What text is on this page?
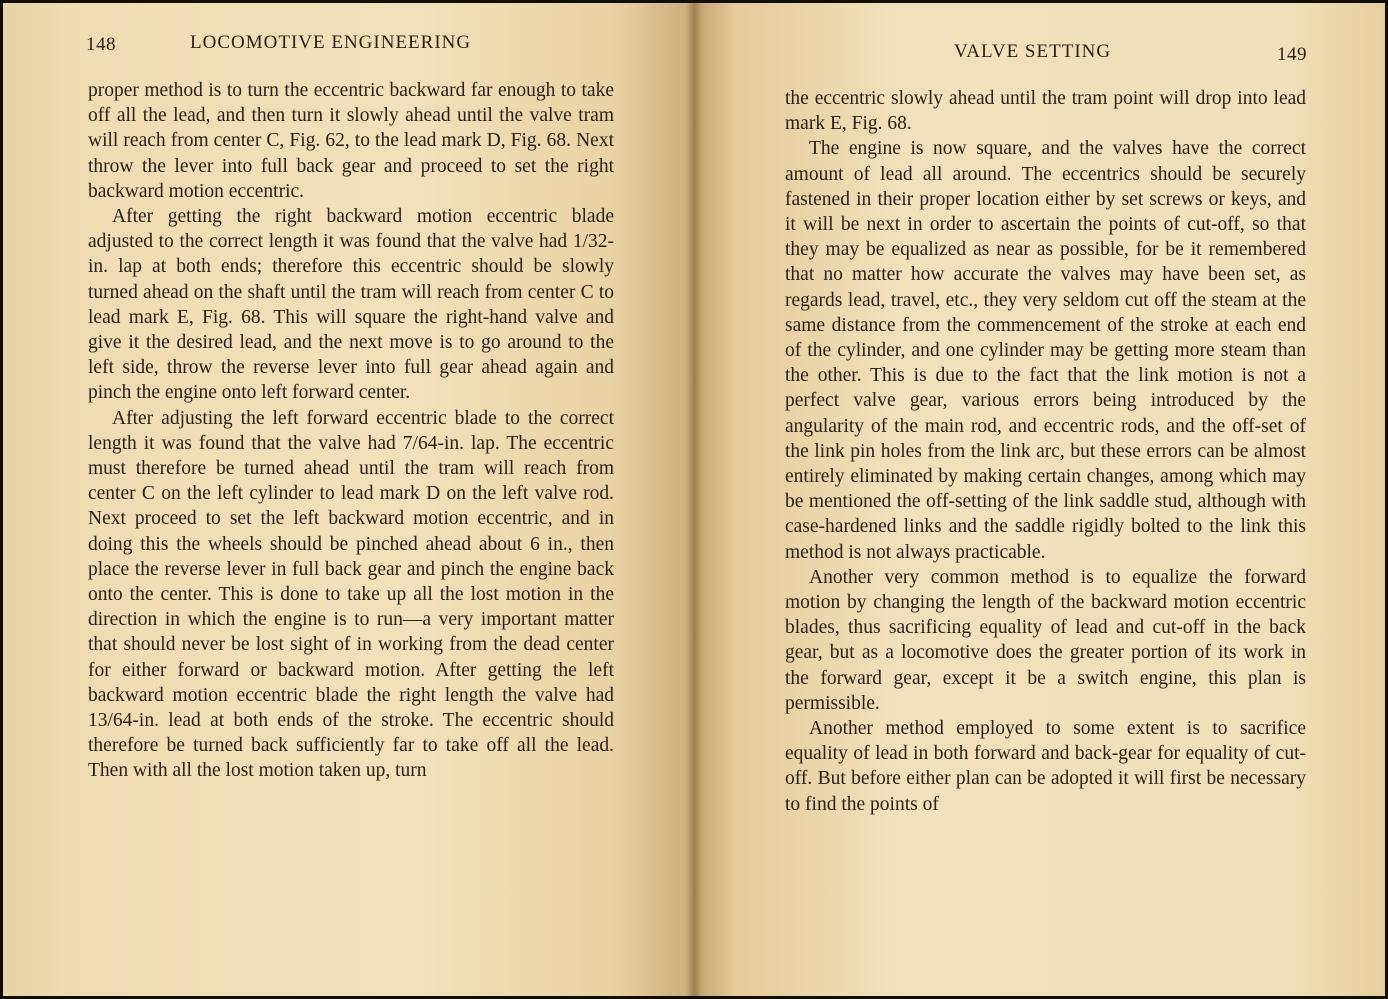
148	LOCOMOTIVE ENGINEERING

proper method is to turn the eccentric backward far enough to take off all the lead, and then turn it slowly ahead until the valve tram will reach from center C, Fig. 62, to the lead mark D, Fig. 68. Next throw the lever into full back gear and proceed to set the right backward motion eccentric.

After getting the right backward motion eccentric blade adjusted to the correct length it was found that the valve had 1/32-in. lap at both ends; therefore this eccentric should be slowly turned ahead on the shaft until the tram will reach from center C to lead mark E, Fig. 68. This will square the right-hand valve and give it the desired lead, and the next move is to go around to the left side, throw the reverse lever into full gear ahead again and pinch the engine onto left forward center.

After adjusting the left forward eccentric blade to the correct length it was found that the valve had 7/64-in. lap. The eccentric must therefore be turned ahead until the tram will reach from center C on the left cylinder to lead mark D on the left valve rod. Next proceed to set the left backward motion eccentric, and in doing this the wheels should be pinched ahead about 6 in., then place the reverse lever in full back gear and pinch the engine back onto the center. This is done to take up all the lost motion in the direction in which the engine is to run—a very important matter that should never be lost sight of in working from the dead center for either forward or backward motion. After getting the left backward motion eccentric blade the right length the valve had 13/64-in. lead at both ends of the stroke. The eccentric should therefore be turned back sufficiently far to take off all the lead. Then with all the lost motion taken up, turn

VALVE SETTING	149

the eccentric slowly ahead until the tram point will drop into lead mark E, Fig. 68.

The engine is now square, and the valves have the correct amount of lead all around. The eccentrics should be securely fastened in their proper location either by set screws or keys, and it will be next in order to ascertain the points of cut-off, so that they may be equalized as near as possible, for be it remembered that no matter how accurate the valves may have been set, as regards lead, travel, etc., they very seldom cut off the steam at the same distance from the commencement of the stroke at each end of the cylinder, and one cylinder may be getting more steam than the other. This is due to the fact that the link motion is not a perfect valve gear, various errors being introduced by the angularity of the main rod, and eccentric rods, and the off-set of the link pin holes from the link arc, but these errors can be almost entirely eliminated by making certain changes, among which may be mentioned the off-setting of the link saddle stud, although with case-hardened links and the saddle rigidly bolted to the link this method is not always practicable.

Another very common method is to equalize the forward motion by changing the length of the backward motion eccentric blades, thus sacrificing equality of lead and cut-off in the back gear, but as a locomotive does the greater portion of its work in the forward gear, except it be a switch engine, this plan is permissible.

Another method employed to some extent is to sacrifice equality of lead in both forward and back-gear for equality of cut-off. But before either plan can be adopted it will first be necessary to find the points of
